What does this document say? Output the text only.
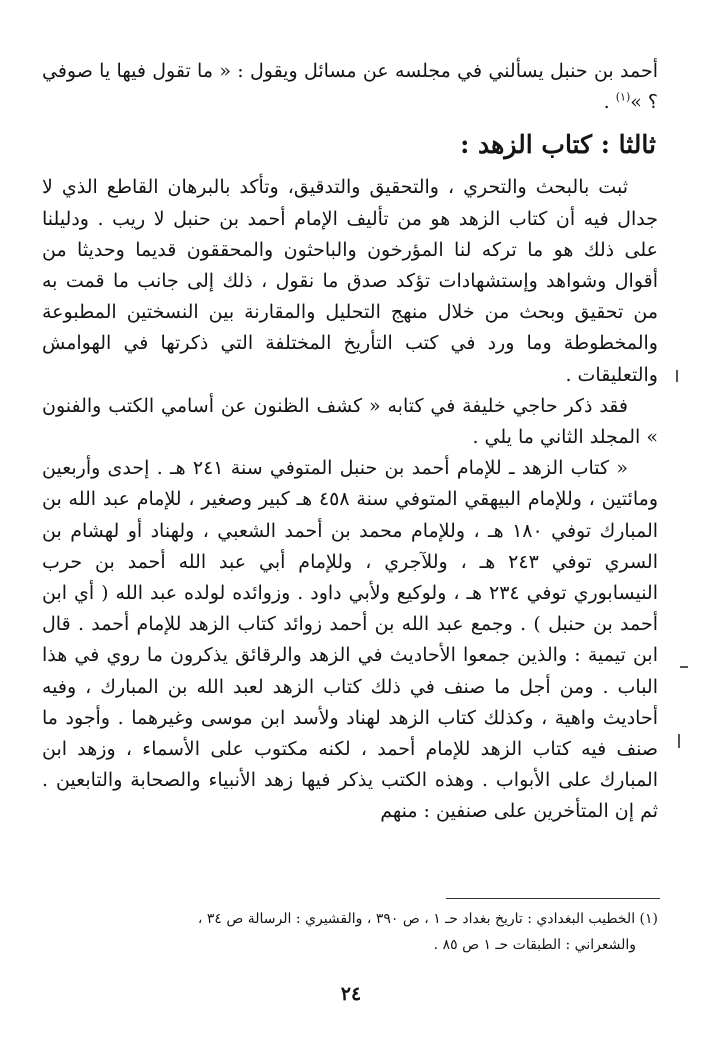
أحمد بن حنبل يسألني في مجلسه عن مسائل ويقول : « ما تقول فيها يا صوفي ؟ »$^{(١)}$ .

ثالثا : كتاب الزهد :

ثبت بالبحث والتحري ، والتحقيق والتدقيق، وتأكد بالبرهان القاطع الذي لا جدال فيه أن كتاب الزهد هو من تأليف الإمام أحمد بن حنبل لا ريب . ودليلنا على ذلك هو ما تركه لنا المؤرخون والباحثون والمحققون قديما وحديثا من أقوال وشواهد وإستشهادات تؤكد صدق ما نقول ، ذلك إلى جانب ما قمت به من تحقيق وبحث من خلال منهج التحليل والمقارنة بين النسختين المطبوعة والمخطوطة وما ورد في كتب التأريخ المختلفة التي ذكرتها في الهوامش والتعليقات .

فقد ذكر حاجي خليفة في كتابه « كشف الظنون عن أسامي الكتب والفنون » المجلد الثاني ما يلي .

« كتاب الزهد ـ للإمام أحمد بن حنبل المتوفي سنة ٢٤١ هـ . إحدى وأربعين ومائتين ، وللإمام البيهقي المتوفي سنة ٤٥٨ هـ كبير وصغير ، للإمام عبد الله بن المبارك توفي ١٨٠ هـ ، وللإمام محمد بن أحمد الشعبي ، ولهناد أو لهشام بن السري توفي ٢٤٣ هـ ، وللآجري ، وللإمام أبي عبد الله أحمد بن حرب النيسابوري توفي ٢٣٤ هـ ، ولوكيع ولأبي داود . وزوائده لولده عبد الله ( أي ابن أحمد بن حنبل ) . وجمع عبد الله بن أحمد زوائد كتاب الزهد للإمام أحمد . قال ابن تيمية : والذين جمعوا الأحاديث في الزهد والرقائق يذكرون ما روي في هذا الباب . ومن أجل ما صنف في ذلك كتاب الزهد لعبد الله بن المبارك ، وفيه أحاديث واهية ، وكذلك كتاب الزهد لهناد ولأسد ابن موسى وغيرهما . وأجود ما صنف فيه كتاب الزهد للإمام أحمد ، لكنه مكتوب على الأسماء ، وزهد ابن المبارك على الأبواب . وهذه الكتب يذكر فيها زهد الأنبياء والصحابة والتابعين . ثم إن المتأخرين على صنفين : منهم

(١) الخطيب البغدادي : تاريخ بغداد حـ ١ ، ص ٣٩٠ ، والقشيري : الرسالة ص ٣٤ ،

والشعراني : الطبقات حـ ١ ص ٨٥ .

٢٤
